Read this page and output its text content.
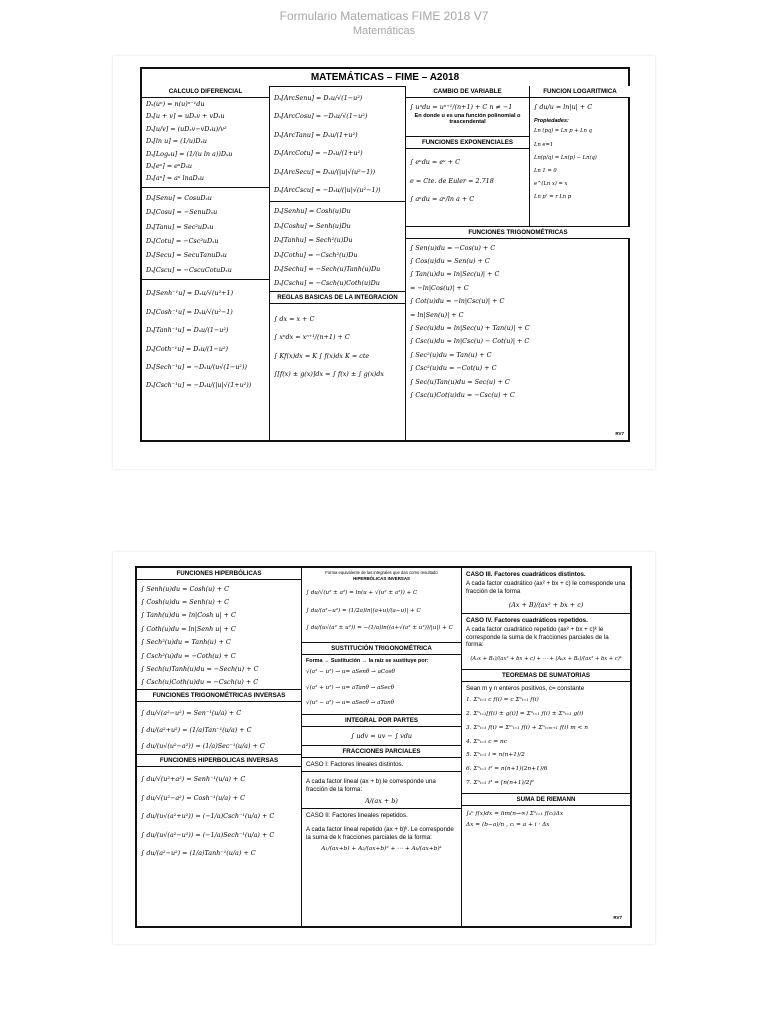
Formulario Matematicas FIME 2018 V7
Matemáticas
MATEMÁTICAS – FIME – A2018
CALCULO DIFERENCIAL
Dₓ(uⁿ) = n(u)ⁿ⁻¹du
Dₓ[u + v] = uDₓv + vDₓu
Dₓ[u/v] = (uDₓv−vDₓu)/v²
Dₓ[ln u] = (1/u)Dₓu
Dₓ[Logₐu] = (1/(u ln a))Dₓu
Dₓ[eᵘ] = eᵘDₓu
Dₓ[aᵘ] = aᵘ lnaDₓu
Dₓ[Senu] = CosuDₓu
Dₓ[Cosu] = −SenuDₓu
Dₓ[Tanu] = Sec²uDₓu
Dₓ[Cotu] = −Csc²uDₓu
Dₓ[Secu] = SecuTanuDₓu
Dₓ[Cscu] = −CscuCotuDₓu
Dₓ[Senh⁻¹u] = Dₓu/√(u²+1)
Dₓ[Cosh⁻¹u] = Dₓu/√(u²−1)
Dₓ[Tanh⁻¹u] = Dₓu/(1−u²)
Dₓ[Coth⁻¹u] = Dₓu/(1−u²)
Dₓ[Sech⁻¹u] = −Dₓu/(u√(1−u²))
Dₓ[Csch⁻¹u] = −Dₓu/(|u|√(1+u²))
Dₓ[ArcSenu] = Dₓu/√(1−u²)
Dₓ[ArcCosu] = −Dₓu/√(1−u²)
Dₓ[ArcTanu] = Dₓu/(1+u²)
Dₓ[ArcCotu] = −Dₓu/(1+u²)
Dₓ[ArcSecu] = Dₓu/(|u|√(u²−1))
Dₓ[ArcCscu] = −Dₓu/(|u|√(u²−1))
Dₓ[Senhu] = Cosh(u)Du
Dₓ[Coshu] = Senh(u)Du
Dₓ[Tanhu] = Sech²(u)Du
Dₓ[Cothu] = −Csch²(u)Du
Dₓ[Sechu] = −Sech(u)Tanh(u)Du
Dₓ[Cschu] = −Csch(u)Coth(u)Du
REGLAS BASICAS DE LA INTEGRACION
∫ dx = x + C
∫ xⁿdx = xⁿ⁺¹/(n+1) + C
∫ Kf(x)dx = K ∫ f(x)dx K = cte
∫[f(x) ± g(x)]dx = ∫ f(x) ± ∫ g(x)dx
CAMBIO DE VARIABLE
∫ uⁿdu = uⁿ⁺¹/(n+1) + C n ≠ −1
En donde u es una función polinomial o trascendental
FUNCIONES EXPONENCIALES
∫ eᵘdu = eᵘ + C
e = Cte. de Euler = 2.718
∫ aᵘdu = aᵘ/ln a + C
FUNCION LOGARITMICA
∫ du/u = ln|u| + C
Propiedades:
Ln (pq) = Ln p + Ln q
Ln e=1
Ln(p/q) = Ln(p) − Ln(q)
Ln 1 = 0
e^(Ln x) = x
Ln pʳ = r Ln p
FUNCIONES TRIGONOMÉTRICAS
∫ Sen(u)du = −Cos(u) + C
∫ Cos(u)du = Sen(u) + C
∫ Tan(u)du = ln|Sec(u)| + C
= −ln|Cos(u)| + C
∫ Cot(u)du = −ln|Csc(u)| + C
= ln|Sen(u)| + C
∫ Sec(u)du = ln|Sec(u) + Tan(u)| + C
∫ Csc(u)du = ln|Csc(u) − Cot(u)| + C
∫ Sec²(u)du = Tan(u) + C
∫ Csc²(u)du = −Cot(u) + C
∫ Sec(u)Tan(u)du = Sec(u) + C
∫ Csc(u)Cot(u)du = −Csc(u) + C
RV7
FUNCIONES HIPERBÓLICAS
∫ Senh(u)du = Cosh(u) + C
∫ Cosh(u)du = Senh(u) + C
∫ Tanh(u)du = ln|Cosh u| + C
∫ Coth(u)du = ln|Senh u| + C
∫ Sech²(u)du = Tanh(u) + C
∫ Csch²(u)du = −Coth(u) + C
∫ Sech(u)Tanh(u)du = −Sech(u) + C
∫ Csch(u)Coth(u)du = −Csch(u) + C
FUNCIONES TRIGONOMÉTRICAS INVERSAS
∫ du/√(a²−u²) = Sen⁻¹(u/a) + C
∫ du/(a²+u²) = (1/a)Tan⁻¹(u/a) + C
∫ du/(u√(u²−a²)) = (1/a)Sec⁻¹(u/a) + C
FUNCIONES HIPERBOLICAS INVERSAS
∫ du/√(u²+a²) = Senh⁻¹(u/a) + C
∫ du/√(u²−a²) = Cosh⁻¹(u/a) + C
∫ du/(u√(a²+u²)) = (−1/a)Csch⁻¹(u/a) + C
∫ du/(u√(a²−u²)) = (−1/a)Sech⁻¹(u/a) + C
∫ du/(a²−u²) = (1/a)Tanh⁻¹(u/a) + C
Forma equivalente de las integrales que dan como resultado
HIPERBÓLICAS INVERSAS
∫ du/√(u² ± a²) = ln(u + √(u² ± a²)) + C
∫ du/(a²−u²) = (1/2a)ln|(a+u)/(a−u)| + C
∫ du/(u√(a² ± u²)) = −(1/a)ln((a+√(a² ± u²))/|u|) + C
SUSTITUCIÓN TRIGONOMÉTRICA
Forma → Sustitución → la raíz se sustituye por:
√(a² − u²) → u= aSenθ → aCosθ
√(a² + u²) → u= aTanθ → aSecθ
√(u² − a²) → u= aSecθ → aTanθ
INTEGRAL POR PARTES
∫ udv = uv − ∫ vdu
FRACCIONES PARCIALES
CASO I: Factores lineales distintos.
A cada factor lineal (ax + b) le corresponde una fracción de la forma:
A/(ax + b)
CASO II: Factores lineales repetidos.
A cada factor lineal repetido (ax + b)ᵏ. Le corresponde la suma de k fracciones parciales de la forma:
A₁/(ax+b) + A₂/(ax+b)² + ⋯ + Aₖ/(ax+b)ᵏ
CASO III. Factores cuadráticos distintos.
A cada factor cuadrático (ax² + bx + c) le corresponde una fracción de la forma
(Ax + B)/(ax² + bx + c)
CASO IV. Factores cuadráticos repetidos.
A cada factor cuadrático repetido (ax² + bx + c)ᵏ le corresponde la suma de k fracciones parciales de la forma:
(A₁x + B₁)/(ax² + bx + c) + ⋯ + (Aₖx + Bₖ)/(ax² + bx + c)ᵏ
TEOREMAS DE SUMATORIAS
Sean m y n enteros positivos, c= constante
1. Σⁿᵢ₌₁ c f(i) = c Σⁿᵢ₌₁ f(i)
2. Σⁿᵢ₌₁[f(i) ± g(i)] = Σⁿᵢ₌₁ f(i) ± Σⁿᵢ₌₁ g(i)
3. Σⁿᵢ₌₁ f(i) = Σᵐᵢ₌₁ f(i) + Σⁿᵢ₌ₘ₊₁ f(i) m < n
4. Σⁿᵢ₌₁ c = nc
5. Σⁿᵢ₌₁ i = n(n+1)/2
6. Σⁿᵢ₌₁ i² = n(n+1)(2n+1)/6
7. Σⁿᵢ₌₁ i³ = [n(n+1)/2]²
SUMA DE RIEMANN
∫ₐᵇ f(x)dx = lim(n→∞) Σⁿᵢ₌₁ f(cᵢ)Δx
Δx = (b−a)/n , cᵢ = a + i · Δx
RV7
